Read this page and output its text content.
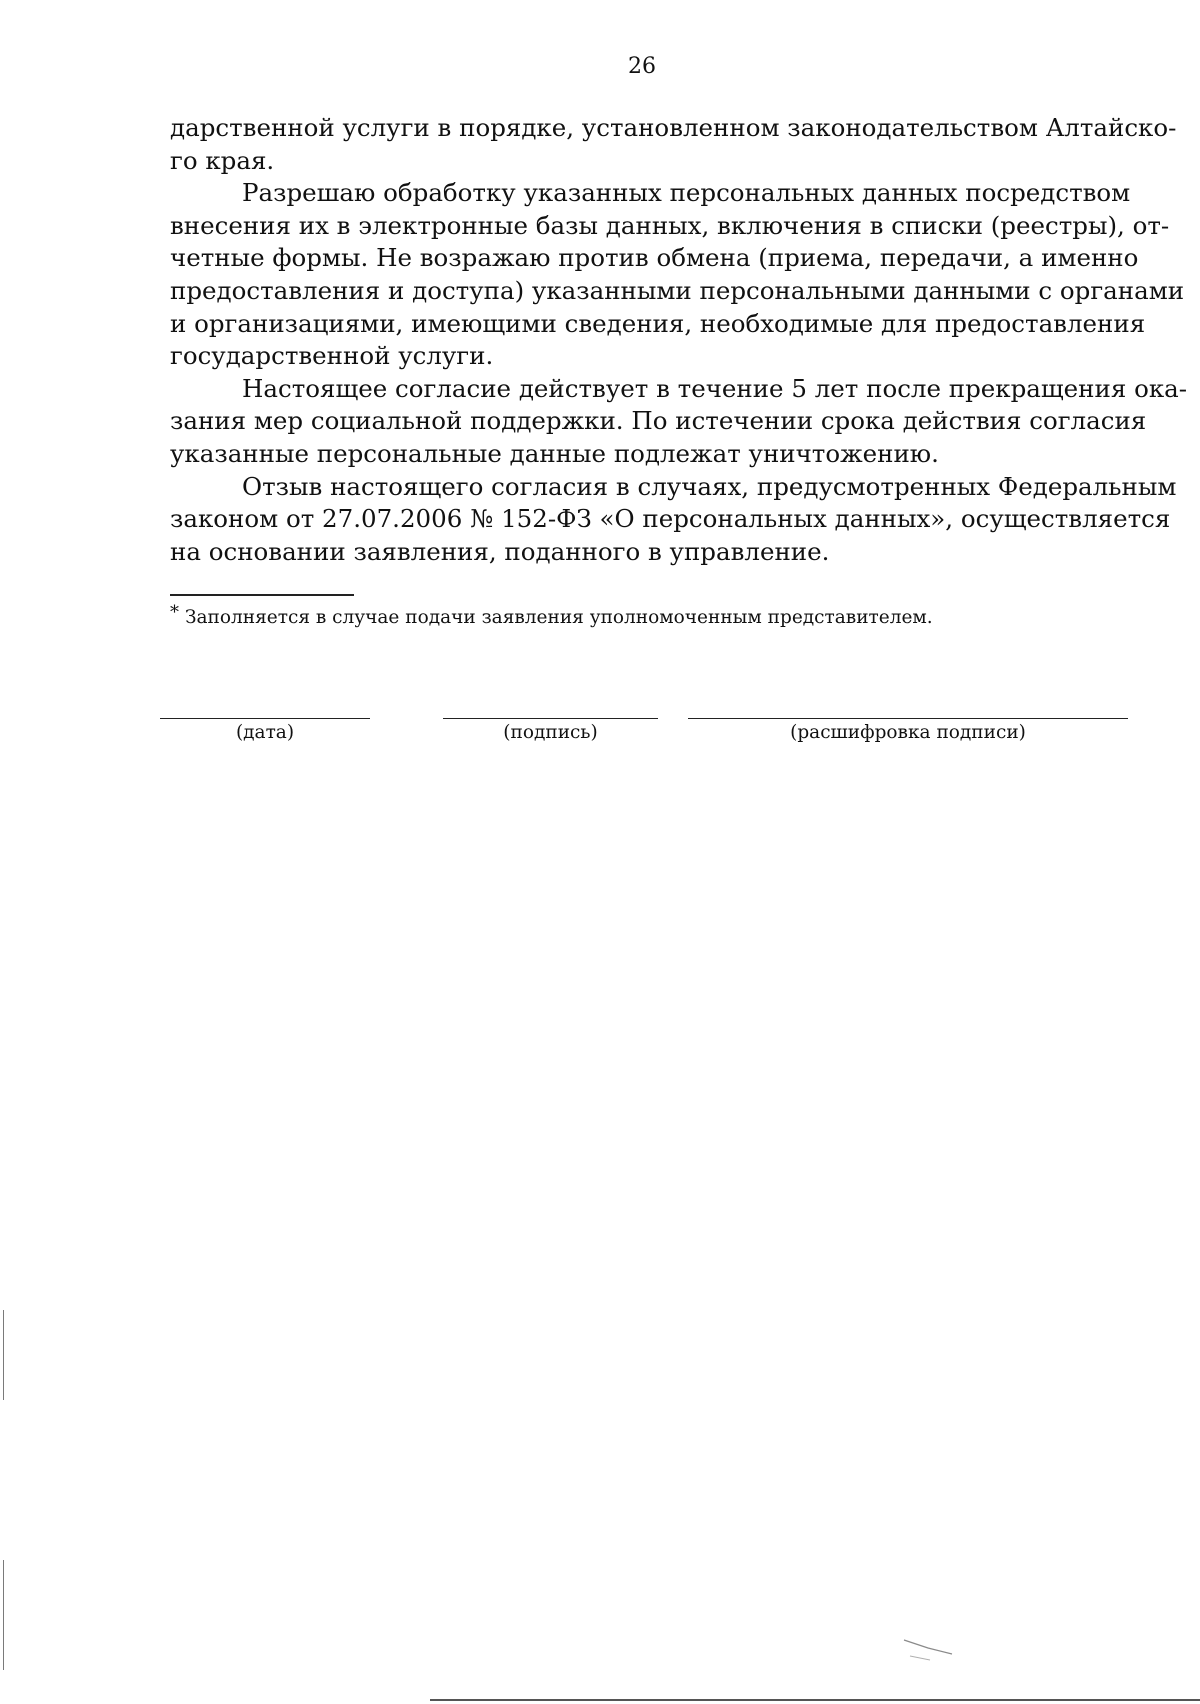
26
дарственной услуги в порядке, установленном законодательством Алтайско-
го края.
Разрешаю обработку указанных персональных данных посредством
внесения их в электронные базы данных, включения в списки (реестры), от-
четные формы. Не возражаю против обмена (приема, передачи, а именно
предоставления и доступа) указанными персональными данными с органами
и организациями, имеющими сведения, необходимые для предоставления
государственной услуги.
Настоящее согласие действует в течение 5 лет после прекращения ока-
зания мер социальной поддержки. По истечении срока действия согласия
указанные персональные данные подлежат уничтожению.
Отзыв настоящего согласия в случаях, предусмотренных Федеральным
законом от 27.07.2006 № 152-ФЗ «О персональных данных», осуществляется
на основании заявления, поданного в управление.
* Заполняется в случае подачи заявления уполномоченным представителем.
(дата)	(подпись)	(расшифровка подписи)
